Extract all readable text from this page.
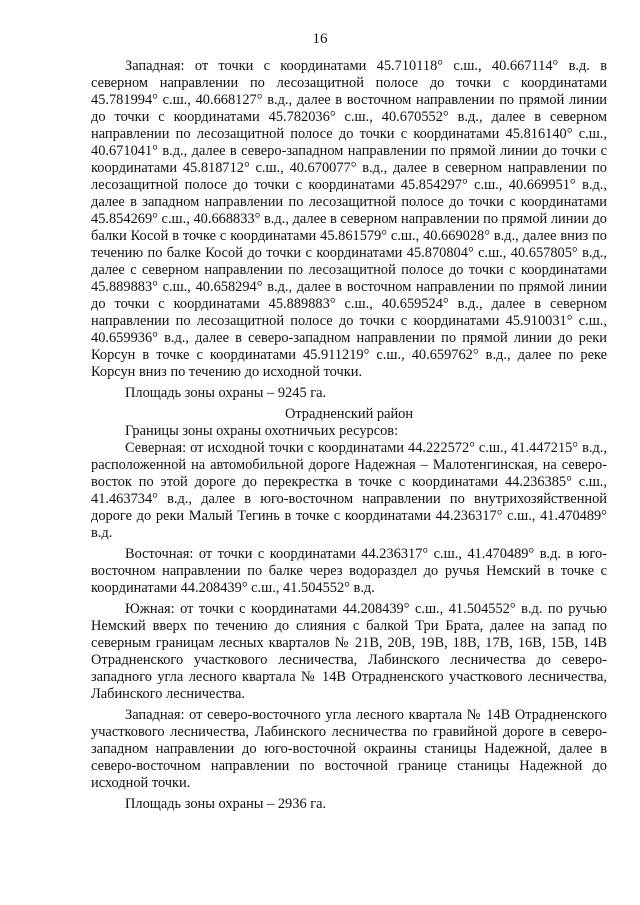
16

Западная: от точки с координатами 45.710118° с.ш., 40.667114° в.д. в северном направлении по лесозащитной полосе до точки с координатами 45.781994° с.ш., 40.668127° в.д., далее в восточном направлении по прямой линии до точки с координатами 45.782036° с.ш., 40.670552° в.д., далее в северном направлении по лесозащитной полосе до точки с координатами 45.816140° с.ш., 40.671041° в.д., далее в северо-западном направлении по прямой линии до точки с координатами 45.818712° с.ш., 40.670077° в.д., далее в северном направлении по лесозащитной полосе до точки с координатами 45.854297° с.ш., 40.669951° в.д., далее в западном направлении по лесозащитной полосе до точки с координатами 45.854269° с.ш., 40.668833° в.д., далее в северном направлении по прямой линии до балки Косой в точке с координатами 45.861579° с.ш., 40.669028° в.д., далее вниз по течению по балке Косой до точки с координатами 45.870804° с.ш., 40.657805° в.д., далее с северном направлении по лесозащитной полосе до точки с координатами 45.889883° с.ш., 40.658294° в.д., далее в восточном направлении по прямой линии до точки с координатами 45.889883° с.ш., 40.659524° в.д., далее в северном направлении по лесозащитной полосе до точки с координатами 45.910031° с.ш., 40.659936° в.д., далее в северо-западном направлении по прямой линии до реки Корсун в точке с координатами 45.911219° с.ш., 40.659762° в.д., далее по реке Корсун вниз по течению до исходной точки.

Площадь зоны охраны – 9245 га.

Отрадненский район

Границы зоны охраны охотничьих ресурсов:

Северная: от исходной точки с координатами 44.222572° с.ш., 41.447215° в.д., расположенной на автомобильной дороге Надежная – Малотенгинская, на северо-восток по этой дороге до перекрестка в точке с координатами 44.236385° с.ш., 41.463734° в.д., далее в юго-восточном направлении по внутрихозяйственной дороге до реки Малый Тегинь в точке с координатами 44.236317° с.ш., 41.470489° в.д.

Восточная: от точки с координатами 44.236317° с.ш., 41.470489° в.д. в юго-восточном направлении по балке через водораздел до ручья Немский в точке с координатами 44.208439° с.ш., 41.504552° в.д.

Южная: от точки с координатами 44.208439° с.ш., 41.504552° в.д. по ручью Немский вверх по течению до слияния с балкой Три Брата, далее на запад по северным границам лесных кварталов № 21В, 20В, 19В, 18В, 17В, 16В, 15В, 14В Отрадненского участкового лесничества, Лабинского лесничества до северо-западного угла лесного квартала № 14В Отрадненского участкового лесничества, Лабинского лесничества.

Западная: от северо-восточного угла лесного квартала № 14В Отрадненского участкового лесничества, Лабинского лесничества по гравийной дороге в северо-западном направлении до юго-восточной окраины станицы Надежной, далее в северо-восточном направлении по восточной границе станицы Надежной до исходной точки.

Площадь зоны охраны – 2936 га.
